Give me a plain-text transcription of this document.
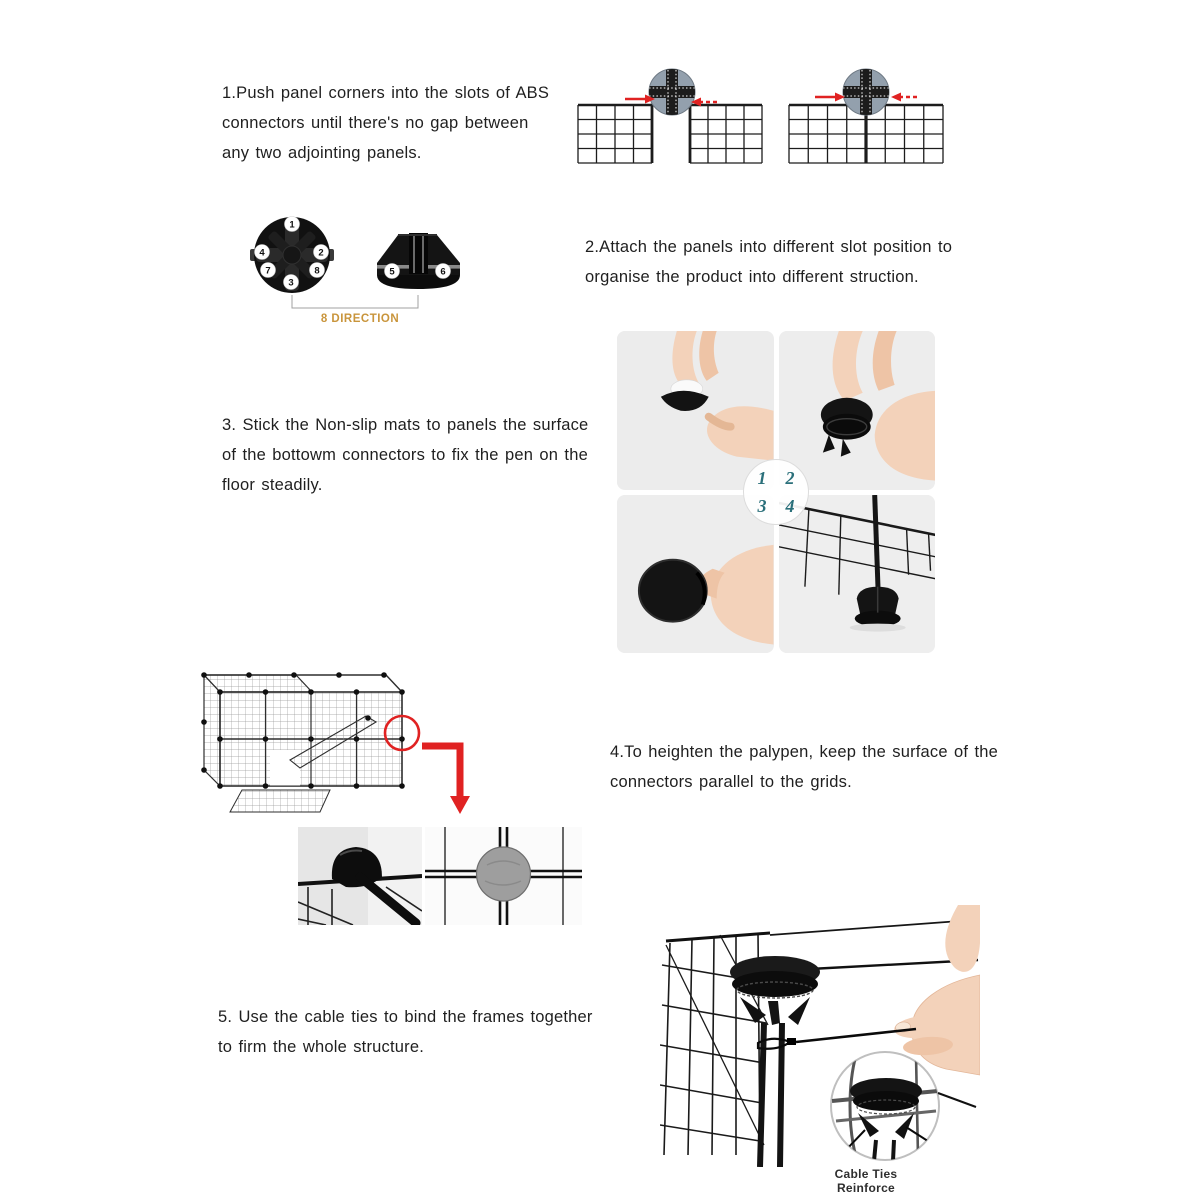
1.Push panel corners into the slots of ABS
connectors until there's no gap between
any two adjointing panels.
1
2
3
4
7	8	5	6
8 DIRECTION
2.Attach the panels into different slot position to
organise the product into different struction.
3. Stick the Non-slip mats to panels the surface
of the bottowm connectors to fix the pen on the
floor steadily.	1 2
3 4
4.To heighten the palypen, keep the surface of the
connectors parallel to the grids.
5. Use the cable ties to bind the frames together
to firm the whole structure.
Cable Ties Reinforce
